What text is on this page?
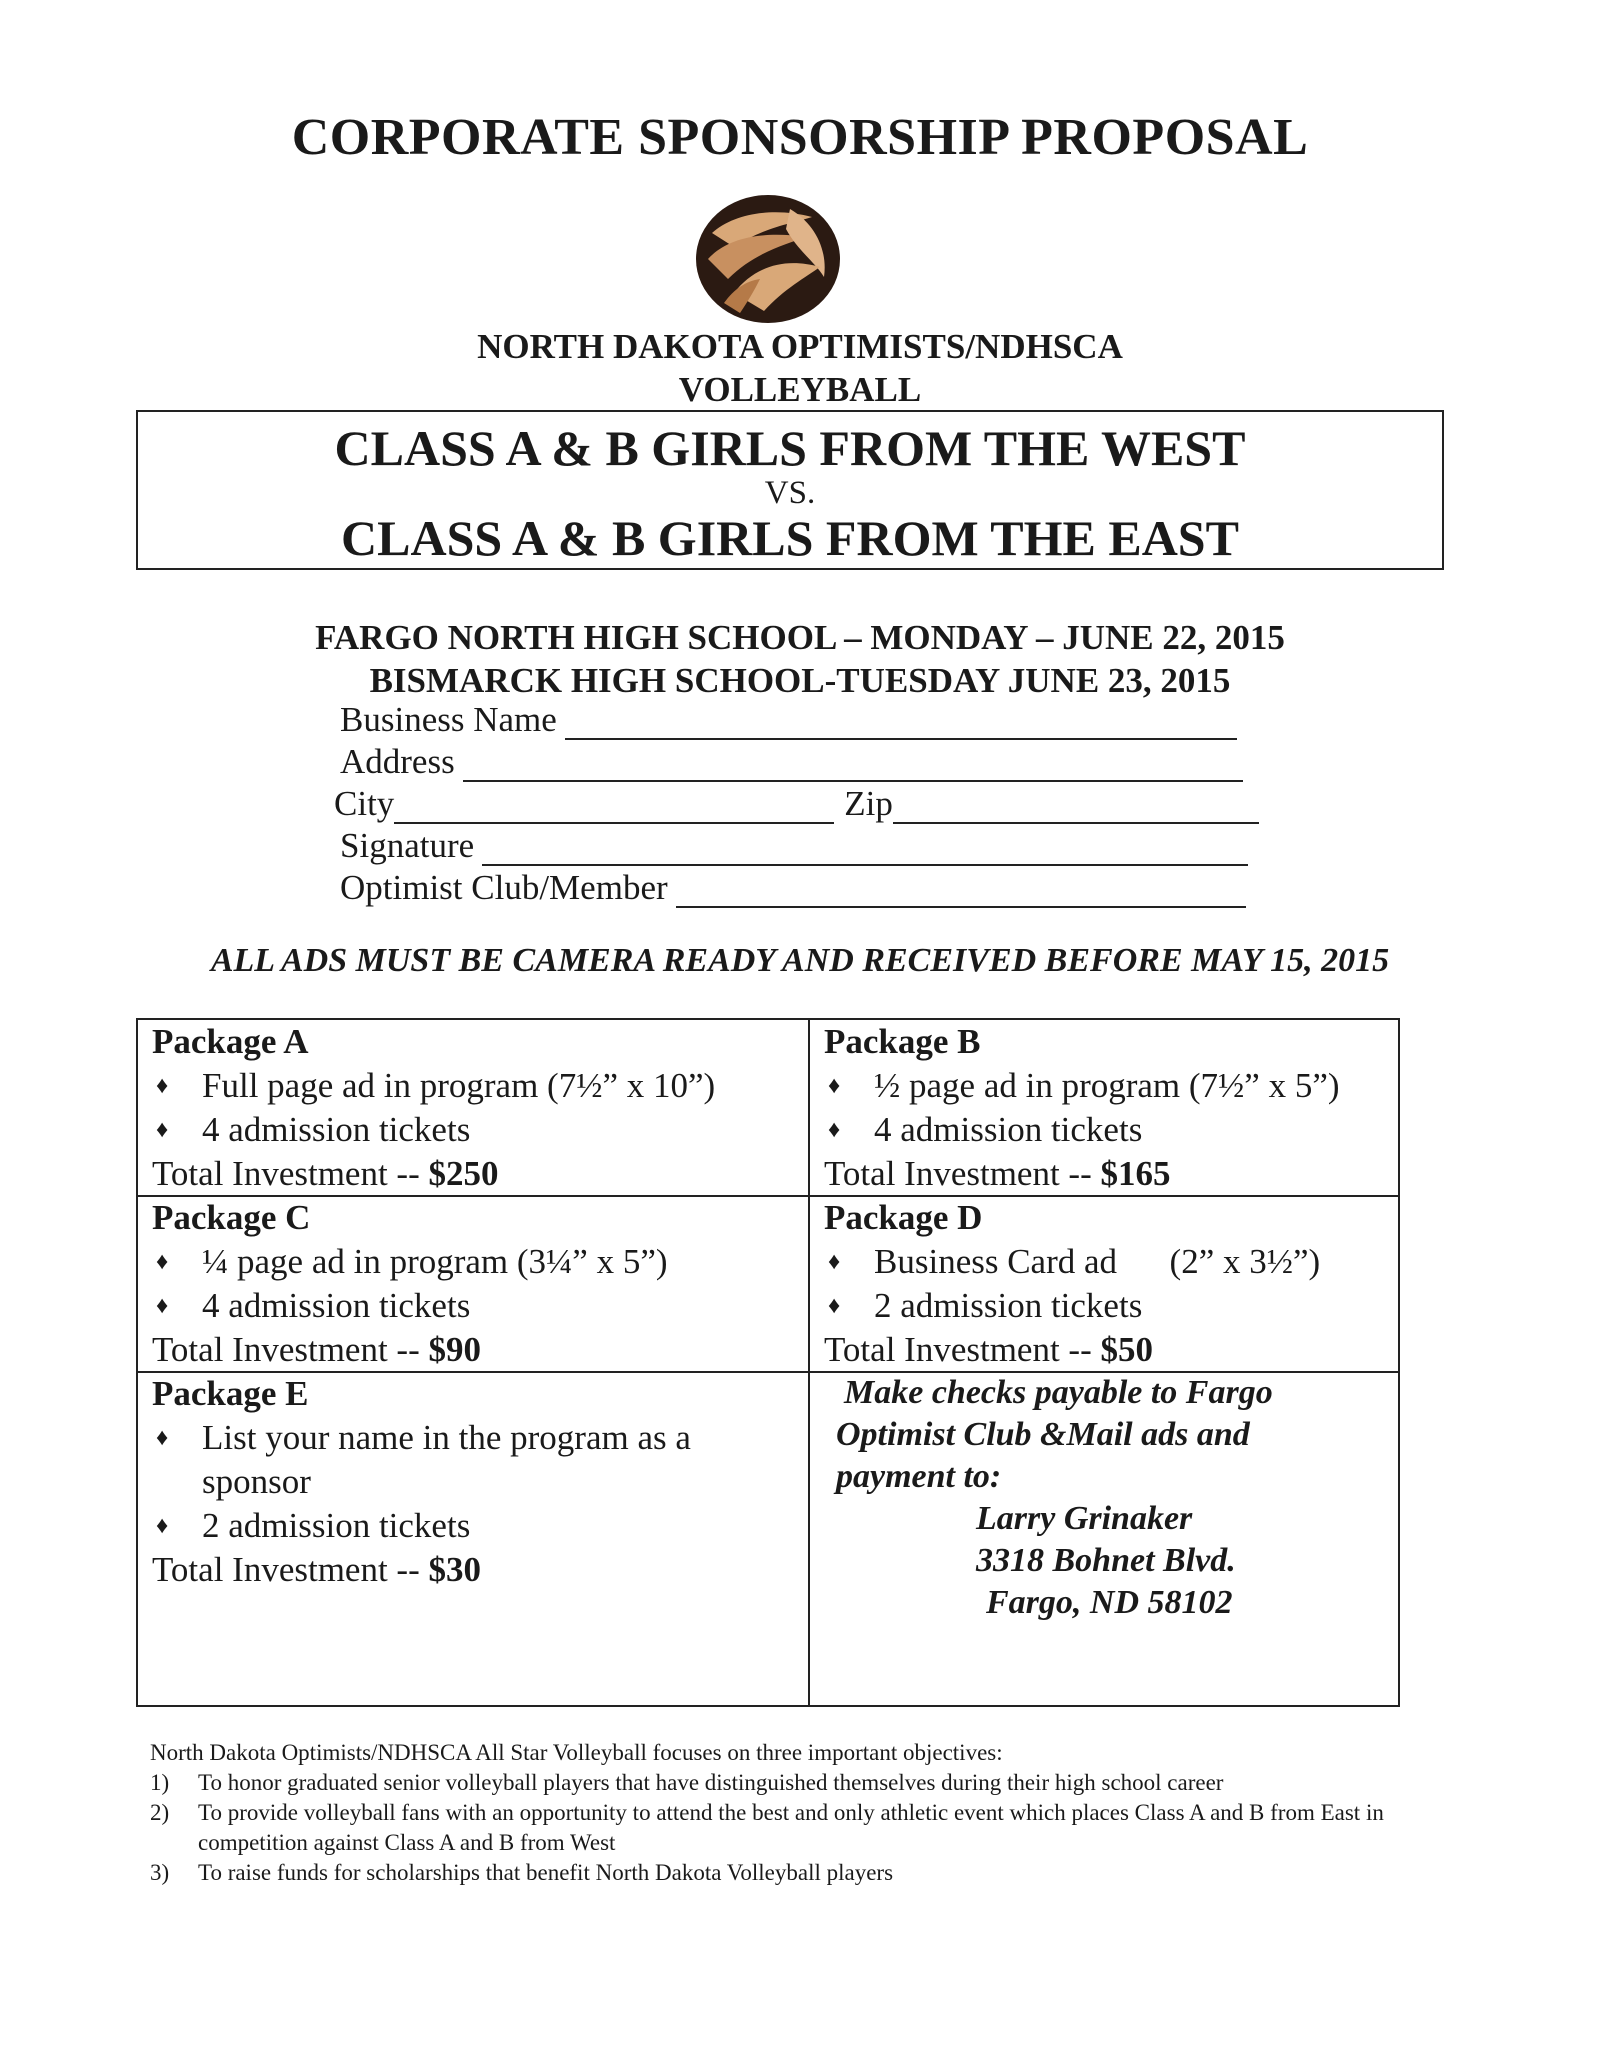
CORPORATE SPONSORSHIP PROPOSAL
NORTH DAKOTA OPTIMISTS/NDHSCA
VOLLEYBALL
CLASS A & B GIRLS FROM THE WEST
VS.
CLASS A & B GIRLS FROM THE EAST
FARGO NORTH HIGH SCHOOL – MONDAY – JUNE 22, 2015
BISMARCK HIGH SCHOOL-TUESDAY JUNE 23, 2015
Business Name
Address
City	Zip
Signature
Optimist Club/Member
ALL ADS MUST BE CAMERA READY AND RECEIVED BEFORE MAY 15, 2015
Package A
♦ Full page ad in program (7½” x 10”)
♦ 4 admission tickets
Total Investment -- $250
Package B
♦ ½ page ad in program (7½” x 5”)
♦ 4 admission tickets
Total Investment -- $165
Package C
♦ ¼ page ad in program (3¼” x 5”)
♦ 4 admission tickets
Total Investment -- $90
Package D
♦ Business Card ad      (2” x 3½”)
♦ 2 admission tickets
Total Investment -- $50
Package E
♦ List your name in the program as a sponsor
♦ 2 admission tickets
Total Investment -- $30
Make checks payable to Fargo
Optimist Club &Mail ads and
payment to:
Larry Grinaker
3318 Bohnet Blvd.
Fargo, ND 58102
North Dakota Optimists/NDHSCA All Star Volleyball focuses on three important objectives:
1)	To honor graduated senior volleyball players that have distinguished themselves during their high school career
2)	To provide volleyball fans with an opportunity to attend the best and only athletic event which places Class A and B from East in competition against Class A and B from West
3)	To raise funds for scholarships that benefit North Dakota Volleyball players
